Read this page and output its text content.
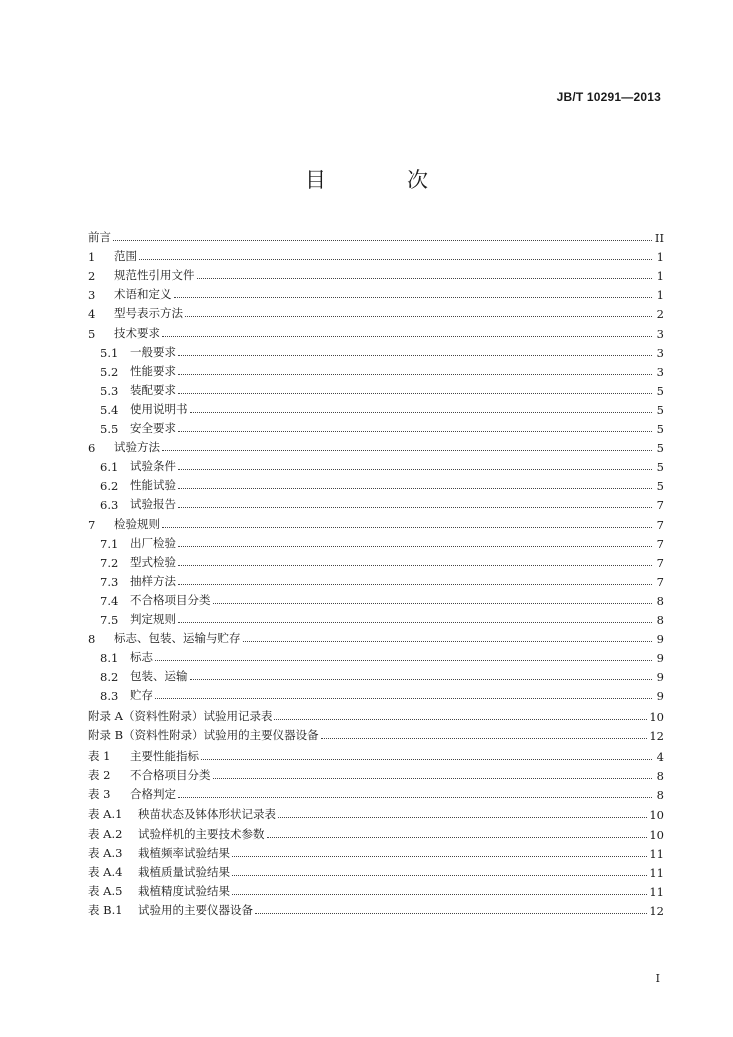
JB/T 10291—2013
目　次
前言	II
1	范围	1
2	规范性引用文件	1
3	术语和定义	1
4	型号表示方法	2
5	技术要求	3
5.1	一般要求	3
5.2	性能要求	3
5.3	装配要求	5
5.4	使用说明书	5
5.5	安全要求	5
6	试验方法	5
6.1	试验条件	5
6.2	性能试验	5
6.3	试验报告	7
7	检验规则	7
7.1	出厂检验	7
7.2	型式检验	7
7.3	抽样方法	7
7.4	不合格项目分类	8
7.5	判定规则	8
8	标志、包装、运输与贮存	9
8.1	标志	9
8.2	包装、运输	9
8.3	贮存	9
附录 A（资料性附录）试验用记录表	10
附录 B（资料性附录）试验用的主要仪器设备	12
表 1	主要性能指标	4
表 2	不合格项目分类	8
表 3	合格判定	8
表 A.1	秧苗状态及钵体形状记录表	10
表 A.2	试验样机的主要技术参数	10
表 A.3	栽植频率试验结果	11
表 A.4	栽植质量试验结果	11
表 A.5	栽植精度试验结果	11
表 B.1	试验用的主要仪器设备	12
I
